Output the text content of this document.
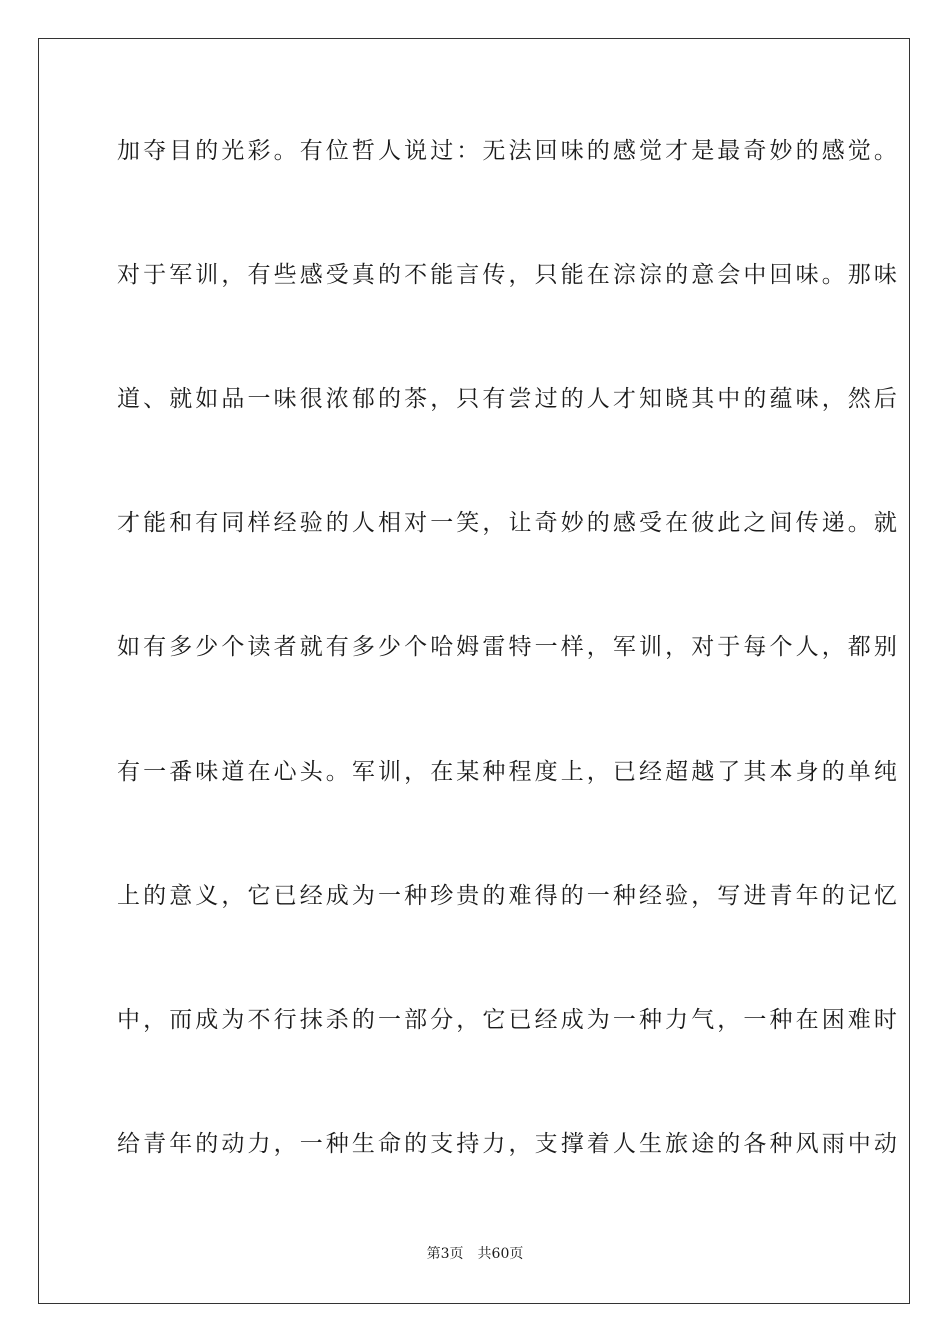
加夺目的光彩。有位哲人说过：无法回味的感觉才是最奇妙的感觉。
对于军训，有些感受真的不能言传，只能在淙淙的意会中回味。那味
道、就如品一味很浓郁的茶，只有尝过的人才知晓其中的蕴味，然后
才能和有同样经验的人相对一笑，让奇妙的感受在彼此之间传递。就
如有多少个读者就有多少个哈姆雷特一样，军训，对于每个人，都别
有一番味道在心头。军训，在某种程度上，已经超越了其本身的单纯
上的意义，它已经成为一种珍贵的难得的一种经验，写进青年的记忆
中，而成为不行抹杀的一部分，它已经成为一种力气，一种在困难时
给青年的动力，一种生命的支持力，支撑着人生旅途的各种风雨中动
第3页 共60页
